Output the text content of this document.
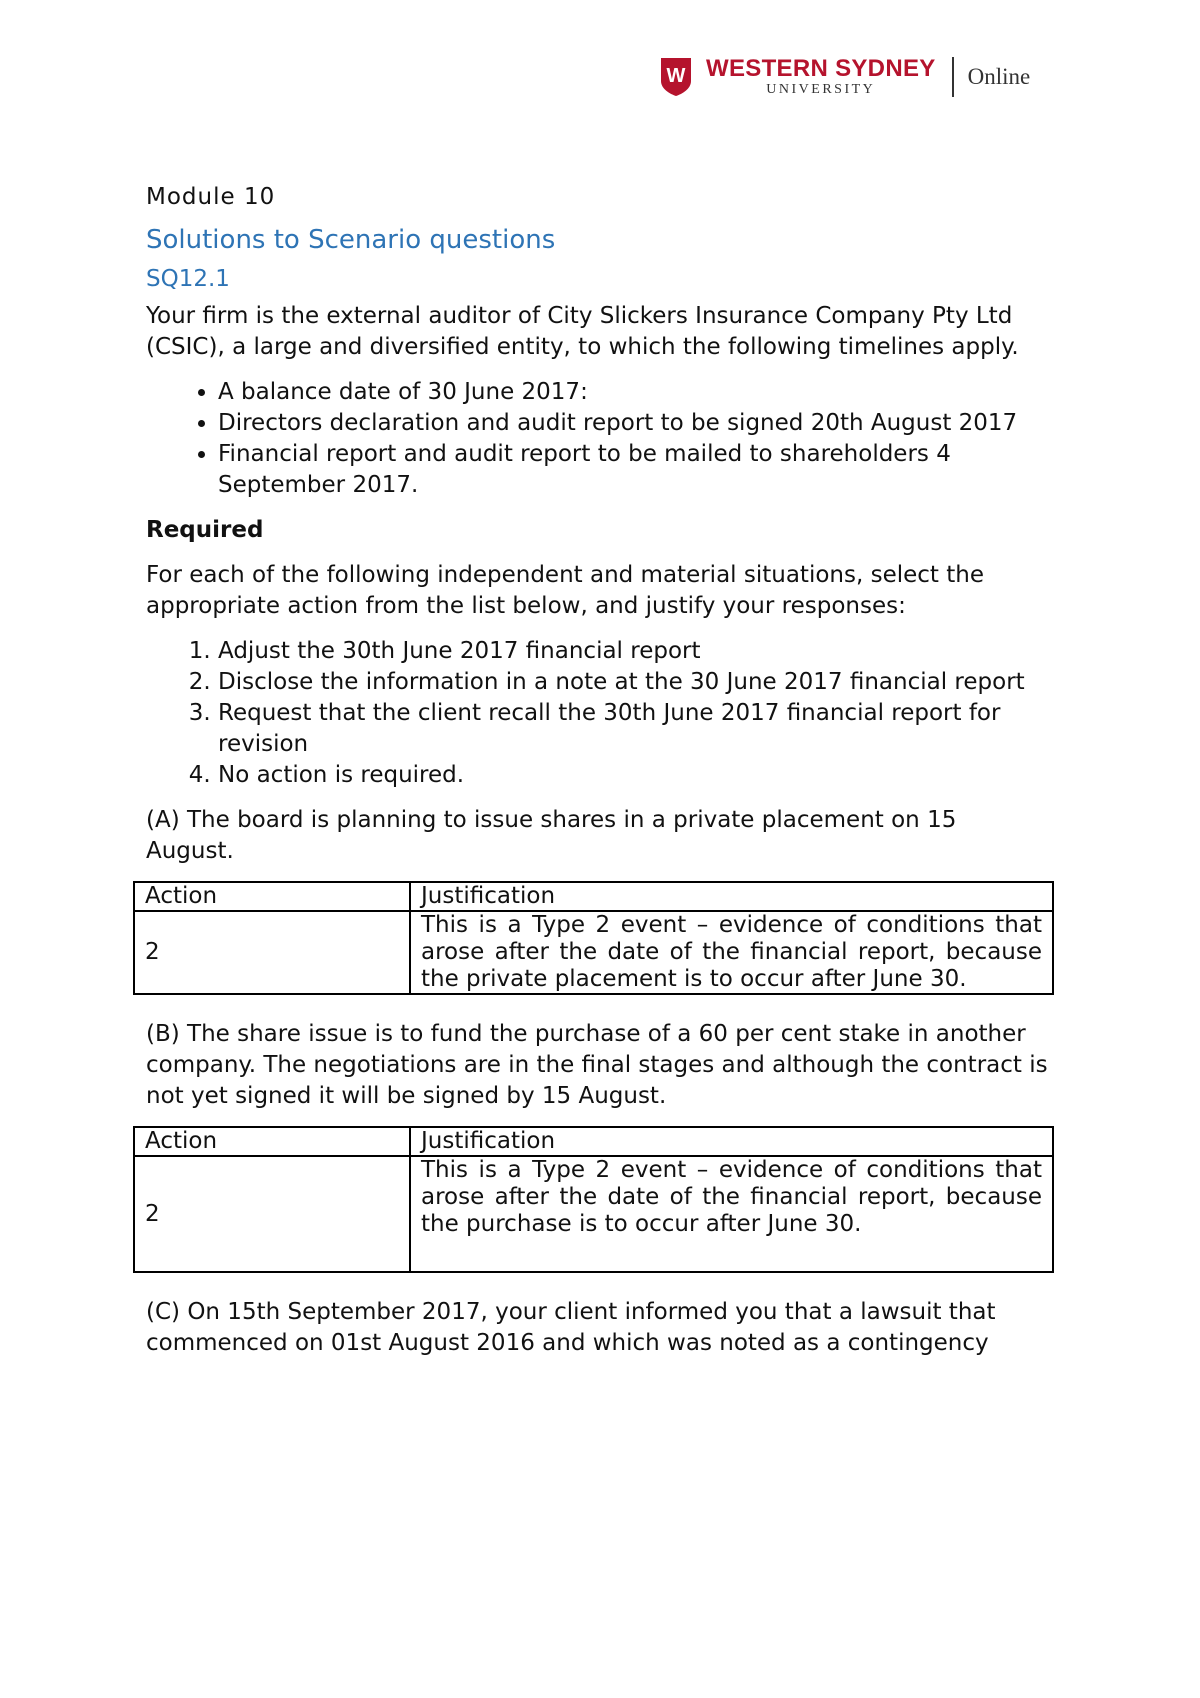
W WESTERN SYDNEY
UNIVERSITY
Online
Module 10
Solutions to Scenario questions
SQ12.1

Your firm is the external auditor of City Slickers Insurance Company Pty Ltd (CSIC), a large and diversified entity, to which the following timelines apply.

• A balance date of 30 June 2017:
• Directors declaration and audit report to be signed 20th August 2017
• Financial report and audit report to be mailed to shareholders 4 September 2017.
Required

For each of the following independent and material situations, select the appropriate action from the list below, and justify your responses:

1. Adjust the 30th June 2017 financial report
2. Disclose the information in a note at the 30 June 2017 financial report
3. Request that the client recall the 30th June 2017 financial report for revision
4. No action is required.

(A) The board is planning to issue shares in a private placement on 15 August.

Action	Justification
2	This is a Type 2 event – evidence of conditions that arose after the date of the financial report, because the private placement is to occur after June 30.

(B) The share issue is to fund the purchase of a 60 per cent stake in another company. The negotiations are in the final stages and although the contract is not yet signed it will be signed by 15 August.

Action	Justification
2	This is a Type 2 event – evidence of conditions that arose after the date of the financial report, because the purchase is to occur after June 30.

(C) On 15th September 2017, your client informed you that a lawsuit that commenced on 01st August 2016 and which was noted as a contingency
